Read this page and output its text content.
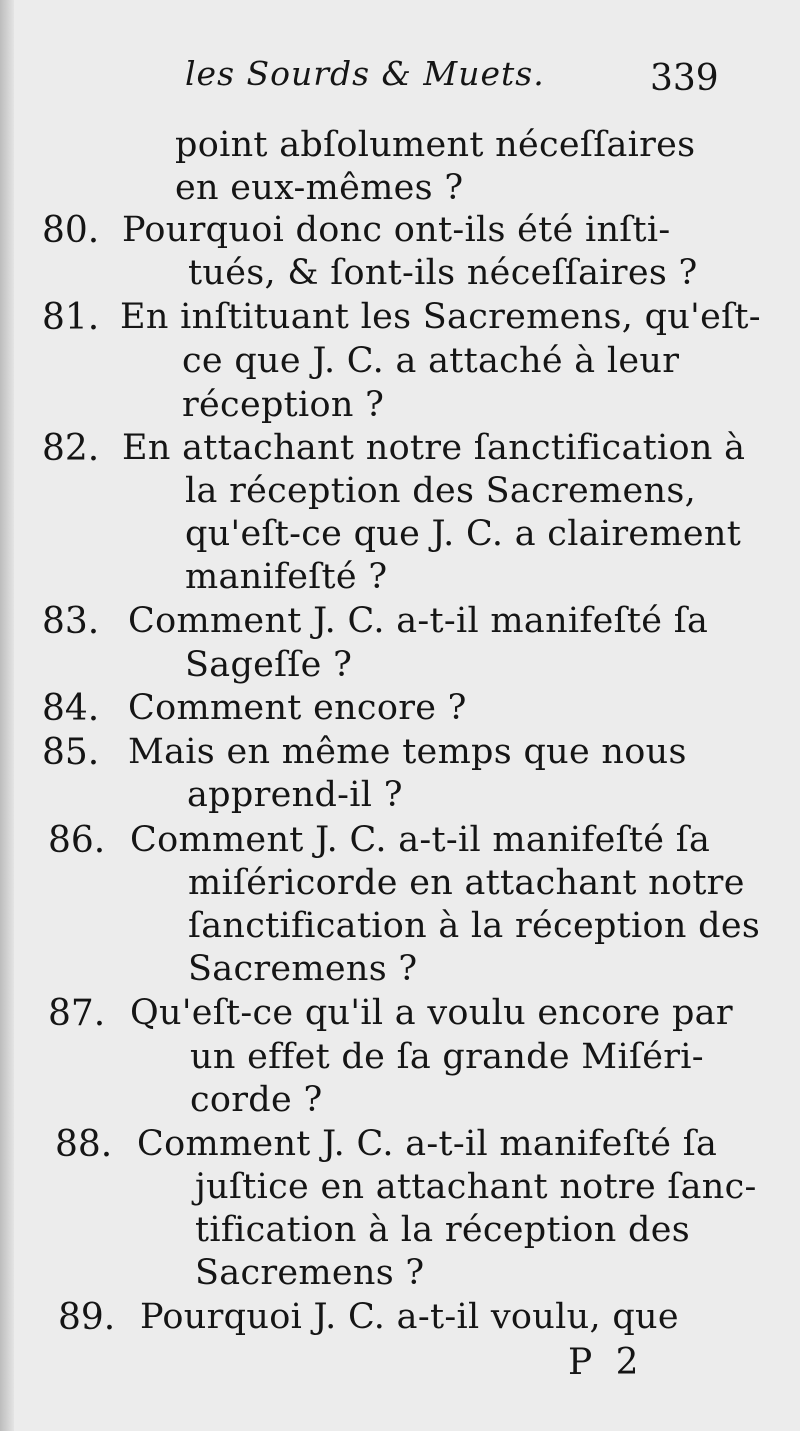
les Sourds & Muets.	339
point abſolument néceſſaires
en eux-mêmes ?
80. Pourquoi donc ont-ils été inſti-
tués, & ſont-ils néceſſaires ?
81. En inſtituant les Sacremens, qu'eſt-
ce que J. C. a attaché à leur
réception ?
82. En attachant notre ſanctification à
la réception des Sacremens,
qu'eſt-ce que J. C. a clairement
manifeſté ?
83. Comment J. C. a-t-il manifeſté ſa
Sageſſe ?
84. Comment encore ?
85. Mais en même temps que nous
apprend-il ?
86. Comment J. C. a-t-il manifeſté ſa
miſéricorde en attachant notre
ſanctification à la réception des
Sacremens ?
87. Qu'eſt-ce qu'il a voulu encore par
un effet de ſa grande Miſéri-
corde ?
88. Comment J. C. a-t-il manifeſté ſa
juſtice en attachant notre ſanc-
tification à la réception des
Sacremens ?
89. Pourquoi J. C. a-t-il voulu, que
P 2
